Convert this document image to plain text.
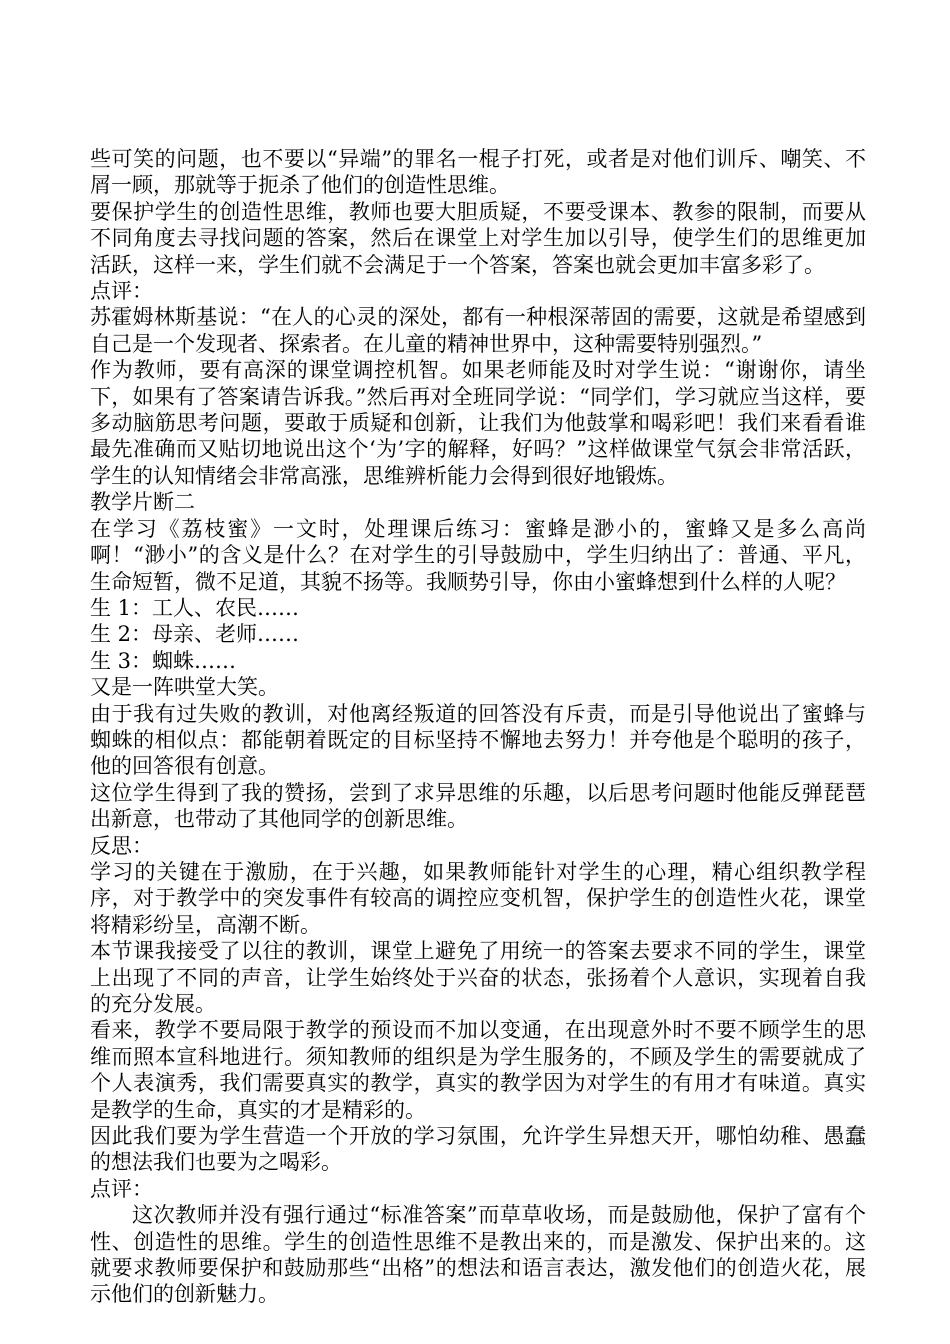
些可笑的问题，也不要以“异端”的罪名一棍子打死，或者是对他们训斥、嘲笑、不屑一顾，那就等于扼杀了他们的创造性思维。

要保护学生的创造性思维，教师也要大胆质疑，不要受课本、教参的限制，而要从不同角度去寻找问题的答案，然后在课堂上对学生加以引导，使学生们的思维更加活跃，这样一来，学生们就不会满足于一个答案，答案也就会更加丰富多彩了。

点评：

苏霍姆林斯基说：“在人的心灵的深处，都有一种根深蒂固的需要，这就是希望感到自己是一个发现者、探索者。在儿童的精神世界中，这种需要特别强烈。”

作为教师，要有高深的课堂调控机智。如果老师能及时对学生说：“谢谢你，请坐下，如果有了答案请告诉我。”然后再对全班同学说：“同学们，学习就应当这样，要多动脑筋思考问题，要敢于质疑和创新，让我们为他鼓掌和喝彩吧！我们来看看谁最先准确而又贴切地说出这个‘为’字的解释，好吗？”这样做课堂气氛会非常活跃，学生的认知情绪会非常高涨，思维辨析能力会得到很好地锻炼。

教学片断二

在学习《荔枝蜜》一文时，处理课后练习：蜜蜂是渺小的，蜜蜂又是多么高尚啊！“渺小”的含义是什么？在对学生的引导鼓励中，学生归纳出了：普通、平凡，生命短暂，微不足道，其貌不扬等。我顺势引导，你由小蜜蜂想到什么样的人呢？

生 1：工人、农民……

生 2：母亲、老师……

生 3：蜘蛛……

又是一阵哄堂大笑。

由于我有过失败的教训，对他离经叛道的回答没有斥责，而是引导他说出了蜜蜂与蜘蛛的相似点：都能朝着既定的目标坚持不懈地去努力！并夸他是个聪明的孩子，他的回答很有创意。

这位学生得到了我的赞扬，尝到了求异思维的乐趣，以后思考问题时他能反弹琵琶出新意，也带动了其他同学的创新思维。

反思：

学习的关键在于激励，在于兴趣，如果教师能针对学生的心理，精心组织教学程序，对于教学中的突发事件有较高的调控应变机智，保护学生的创造性火花，课堂将精彩纷呈，高潮不断。

本节课我接受了以往的教训，课堂上避免了用统一的答案去要求不同的学生，课堂上出现了不同的声音，让学生始终处于兴奋的状态，张扬着个人意识，实现着自我的充分发展。

看来，教学不要局限于教学的预设而不加以变通，在出现意外时不要不顾学生的思维而照本宣科地进行。须知教师的组织是为学生服务的，不顾及学生的需要就成了个人表演秀，我们需要真实的教学，真实的教学因为对学生的有用才有味道。真实是教学的生命，真实的才是精彩的。

因此我们要为学生营造一个开放的学习氛围，允许学生异想天开，哪怕幼稚、愚蠢的想法我们也要为之喝彩。

点评：

这次教师并没有强行通过“标准答案”而草草收场，而是鼓励他，保护了富有个性、创造性的思维。学生的创造性思维不是教出来的，而是激发、保护出来的。这就要求教师要保护和鼓励那些“出格”的想法和语言表达，激发他们的创造火花，展示他们的创新魅力。
